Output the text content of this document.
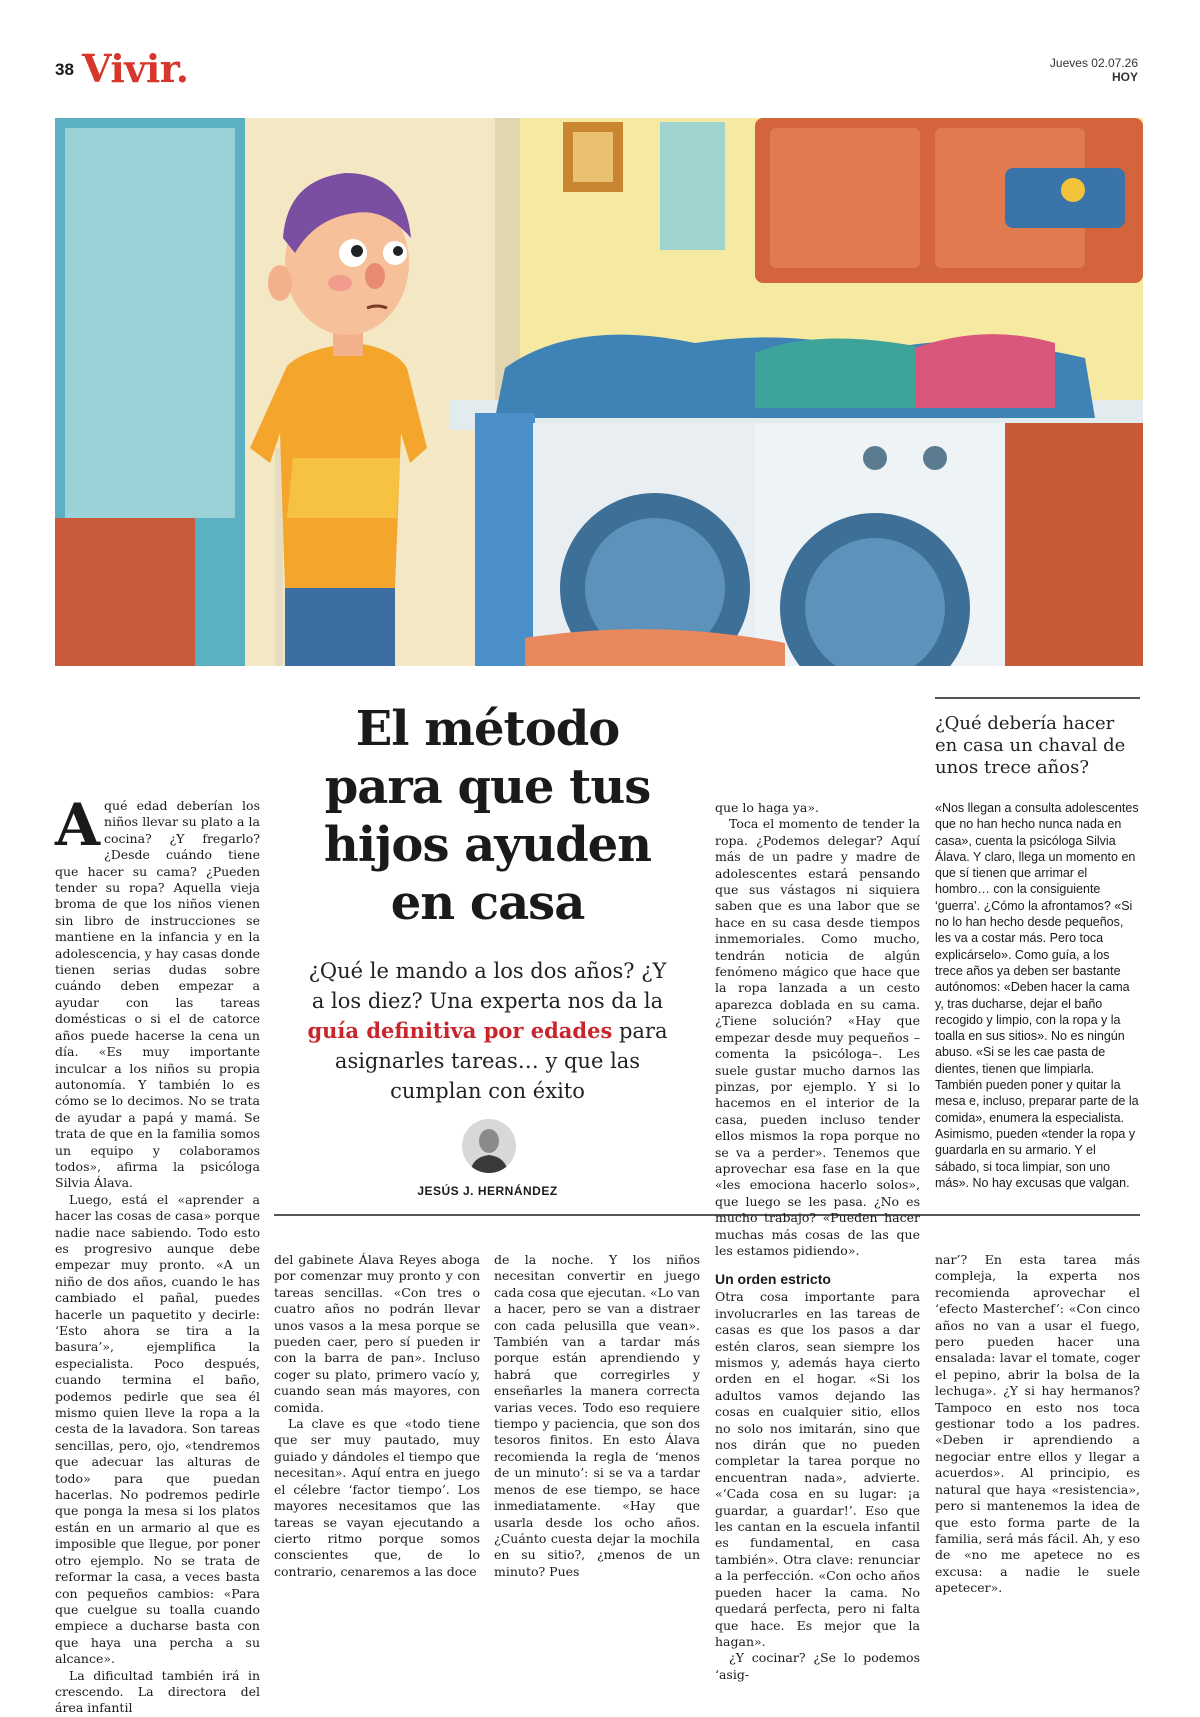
38 Vivir.	Jueves 02.07.26
HOY
El método para que tus hijos ayuden en casa
¿Qué le mando a los dos años? ¿Y a los diez? Una experta nos da la guía definitiva por edades para asignarles tareas… y que las cumplan con éxito
JESÚS J. HERNÁNDEZ

Aqué edad deberían los niños llevar su plato a la cocina? ¿Y fregarlo? ¿Desde cuándo tiene que hacer su cama? ¿Pueden tender su ropa? Aquella vieja broma de que los niños vienen sin libro de instrucciones se mantiene en la infancia y en la adolescencia, y hay casas donde tienen serias dudas sobre cuándo deben empezar a ayudar con las tareas domésticas o si el de catorce años puede hacerse la cena un día. «Es muy importante inculcar a los niños su propia autonomía. Y también lo es cómo se lo decimos. No se trata de ayudar a papá y mamá. Se trata de que en la familia somos un equipo y colaboramos todos», afirma la psicóloga Silvia Álava.

Luego, está el «aprender a hacer las cosas de casa» porque nadie nace sabiendo. Todo esto es progresivo aunque debe empezar muy pronto. «A un niño de dos años, cuando le has cambiado el pañal, puedes hacerle un paquetito y decirle: ‘Esto ahora se tira a la basura’», ejemplifica la especialista. Poco después, cuando termina el baño, podemos pedirle que sea él mismo quien lleve la ropa a la cesta de la lavadora. Son tareas sencillas, pero, ojo, «tendremos que adecuar las alturas de todo» para que puedan hacerlas. No podremos pedirle que ponga la mesa si los platos están en un armario al que es imposible que llegue, por poner otro ejemplo. No se trata de reformar la casa, a veces basta con pequeños cambios: «Para que cuelgue su toalla cuando empiece a ducharse basta con que haya una percha a su alcance».

La dificultad también irá in crescendo. La directora del área infantil

del gabinete Álava Reyes aboga por comenzar muy pronto y con tareas sencillas. «Con tres o cuatro años no podrán llevar unos vasos a la mesa porque se pueden caer, pero sí pueden ir con la barra de pan». Incluso coger su plato, primero vacío y, cuando sean más mayores, con comida.

La clave es que «todo tiene que ser muy pautado, muy guiado y dándoles el tiempo que necesitan». Aquí entra en juego el célebre ‘factor tiempo’. Los mayores necesitamos que las tareas se vayan ejecutando a cierto ritmo porque somos conscientes que, de lo contrario, cenaremos a las doce

de la noche. Y los niños necesitan convertir en juego cada cosa que ejecutan. «Lo van a hacer, pero se van a distraer con cada pelusilla que vean». También van a tardar más porque están aprendiendo y habrá que corregirles y enseñarles la manera correcta varias veces. Todo eso requiere tiempo y paciencia, que son dos tesoros finitos. En esto Álava recomienda la regla de ‘menos de un minuto’: si se va a tardar menos de ese tiempo, se hace inmediatamente. «Hay que usarla desde los ocho años. ¿Cuánto cuesta dejar la mochila en su sitio?, ¿menos de un minuto? Pues

que lo haga ya».

Toca el momento de tender la ropa. ¿Podemos delegar? Aquí más de un padre y madre de adolescentes estará pensando que sus vástagos ni siquiera saben que es una labor que se hace en su casa desde tiempos inmemoriales. Como mucho, tendrán noticia de algún fenómeno mágico que hace que la ropa lanzada a un cesto aparezca doblada en su cama. ¿Tiene solución? «Hay que empezar desde muy pequeños –comenta la psicóloga–. Les suele gustar mucho darnos las pinzas, por ejemplo. Y si lo hacemos en el interior de la casa, pueden incluso tender ellos mismos la ropa porque no se va a perder». Tenemos que aprovechar esa fase en la que «les emociona hacerlo solos», que luego se les pasa. ¿No es mucho trabajo? «Pueden hacer muchas más cosas de las que les estamos pidiendo».

Un orden estricto

Otra cosa importante para involucrarles en las tareas de casas es que los pasos a dar estén claros, sean siempre los mismos y, además haya cierto orden en el hogar. «Si los adultos vamos dejando las cosas en cualquier sitio, ellos no solo nos imitarán, sino que nos dirán que no pueden completar la tarea porque no encuentran nada», advierte. «‘Cada cosa en su lugar: ¡a guardar, a guardar!’. Eso que les cantan en la escuela infantil es fundamental, en casa también». Otra clave: renunciar a la perfección. «Con ocho años pueden hacer la cama. No quedará perfecta, pero ni falta que hace. Es mejor que la hagan».

¿Y cocinar? ¿Se lo podemos ‘asig-

nar’? En esta tarea más compleja, la experta nos recomienda aprovechar el ‘efecto Masterchef’: «Con cinco años no van a usar el fuego, pero pueden hacer una ensalada: lavar el tomate, coger el pepino, abrir la bolsa de la lechuga». ¿Y si hay hermanos? Tampoco en esto nos toca gestionar todo a los padres. «Deben ir aprendiendo a negociar entre ellos y llegar a acuerdos». Al principio, es natural que haya «resistencia», pero si mantenemos la idea de que esto forma parte de la familia, será más fácil. Ah, y eso de «no me apetece no es excusa: a nadie le suele apetecer».

¿Qué debería hacer en casa un chaval de unos trece años?
«Nos llegan a consulta adolescentes que no han hecho nunca nada en casa», cuenta la psicóloga Silvia Álava. Y claro, llega un momento en que sí tienen que arrimar el hombro… con la consiguiente ‘guerra’. ¿Cómo la afrontamos? «Si no lo han hecho desde pequeños, les va a costar más. Pero toca explicárselo». Como guía, a los trece años ya deben ser bastante autónomos: «Deben hacer la cama y, tras ducharse, dejar el baño recogido y limpio, con la ropa y la toalla en sus sitios». No es ningún abuso. «Si se les cae pasta de dientes, tienen que limpiarla. También pueden poner y quitar la mesa e, incluso, preparar parte de la comida», enumera la especialista. Asimismo, pueden «tender la ropa y guardarla en su armario. Y el sábado, si toca limpiar, son uno más». No hay excusas que valgan.
